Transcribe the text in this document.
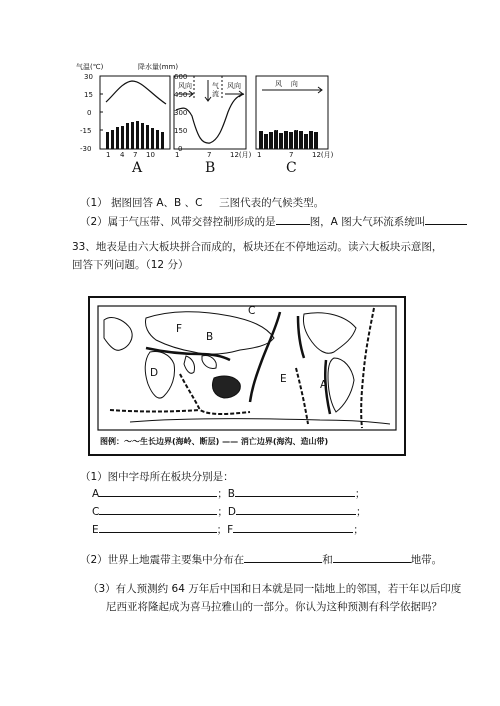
气温(℃)	降水量(mm)
30
15
0
-15
-30
600
450
300
150
0
风向	气流
风向	风    向
1 4 7 10	1	7	12(月) 1	7	12(月)
A	B	C
（1） 据图回答 A、B 、C     三图代表的气候类型。
（2）属于气压带、风带交替控制形成的是	图，A 图大气环流系统叫
33、地表是由六大板块拼合而成的，板块还在不停地运动。读六大板块示意图，
回答下列问题。（12 分）
A
B
C
D	E
F
图例：～～生长边界(海岭、断层) —— 消亡边界(海沟、造山带)
（1）图中字母所在板块分别是：
A	；B	；
C	；D	；
E	；F	；
（2）世界上地震带主要集中分布在	和	地带。
（3）有人预测约 64 万年后中国和日本就是同一陆地上的邻国，若干年以后印度
尼西亚将隆起成为喜马拉雅山的一部分。你认为这种预测有科学依据吗？
